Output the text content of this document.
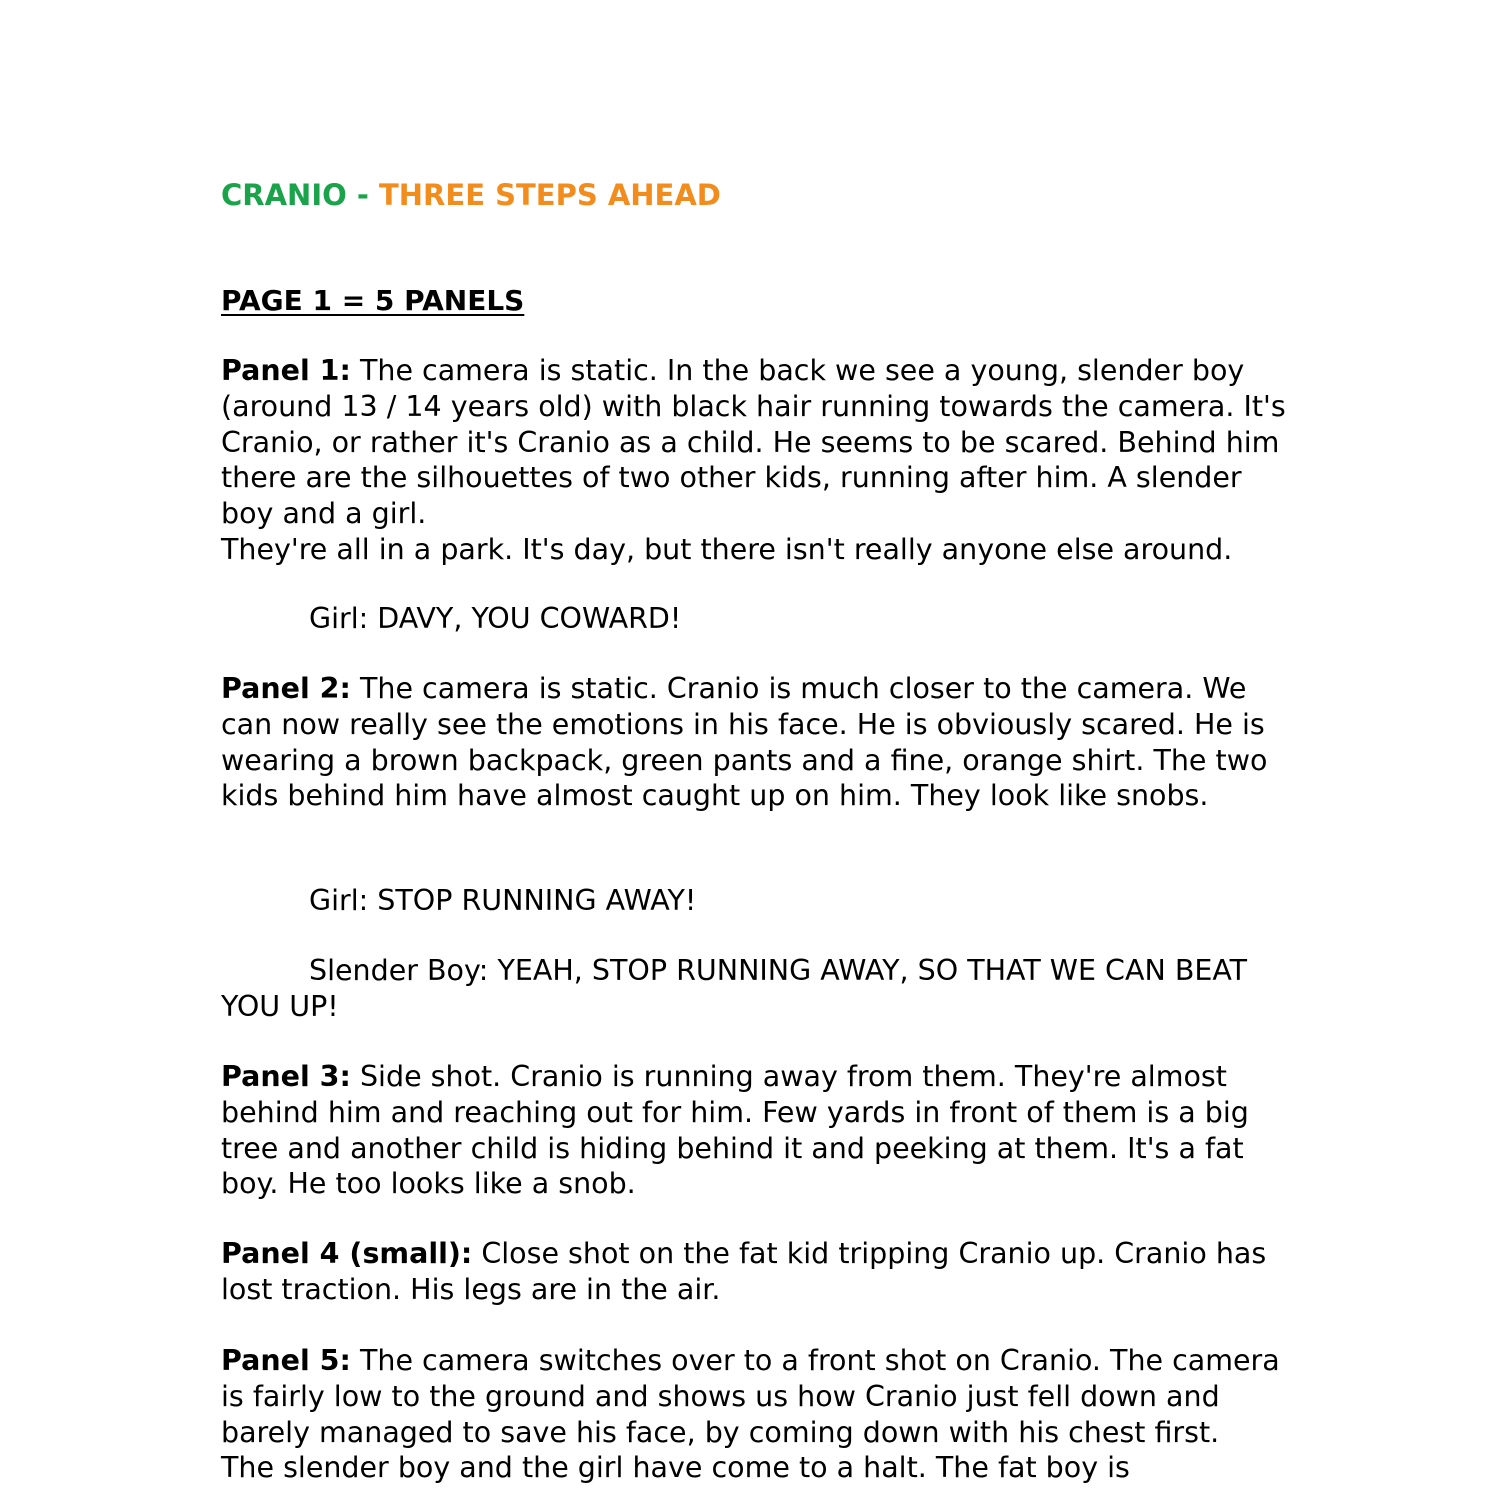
CRANIO - THREE STEPS AHEAD
PAGE 1 = 5 PANELS

Panel 1: The camera is static. In the back we see a young, slender boy (around 13 / 14 years old) with black hair running towards the camera. It's Cranio, or rather it's Cranio as a child. He seems to be scared. Behind him there are the silhouettes of two other kids, running after him. A slender boy and a girl.
They're all in a park. It's day, but there isn't really anyone else around.

Girl: DAVY, YOU COWARD!

Panel 2: The camera is static. Cranio is much closer to the camera. We can now really see the emotions in his face. He is obviously scared. He is wearing a brown backpack, green pants and a fine, orange shirt. The two kids behind him have almost caught up on him. They look like snobs.

Girl: STOP RUNNING AWAY!

Slender Boy: YEAH, STOP RUNNING AWAY, SO THAT WE CAN BEAT YOU UP!

Panel 3: Side shot. Cranio is running away from them. They're almost behind him and reaching out for him. Few yards in front of them is a big tree and another child is hiding behind it and peeking at them. It's a fat boy. He too looks like a snob.

Panel 4 (small): Close shot on the fat kid tripping Cranio up. Cranio has lost traction. His legs are in the air.

Panel 5: The camera switches over to a front shot on Cranio. The camera is fairly low to the ground and shows us how Cranio just fell down and barely managed to save his face, by coming down with his chest first.
The slender boy and the girl have come to a halt. The fat boy is
